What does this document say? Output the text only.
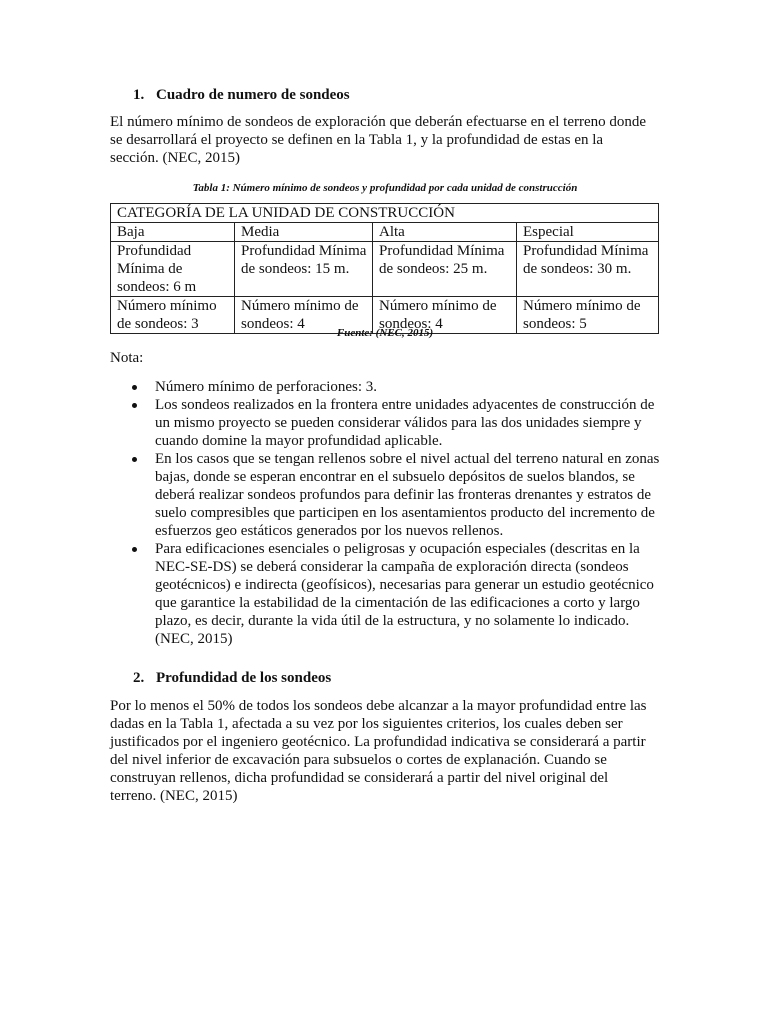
1. Cuadro de numero de sondeos
El número mínimo de sondeos de exploración que deberán efectuarse en el terreno donde se desarrollará el proyecto se definen en la Tabla 1, y la profundidad de estas en la sección. (NEC, 2015)
Tabla 1: Número mínimo de sondeos y profundidad por cada unidad de construcción
CATEGORÍA DE LA UNIDAD DE CONSTRUCCIÓN			
Baja	Media	Alta	Especial
Profundidad Mínima de sondeos: 6 m	Profundidad Mínima de sondeos: 15 m.	Profundidad Mínima de sondeos: 25 m.	Profundidad Mínima de sondeos: 30 m.
Número mínimo de sondeos: 3	Número mínimo de sondeos: 4	Número mínimo de sondeos: 4	Número mínimo de sondeos: 5
Fuente: (NEC, 2015)
Nota:
Número mínimo de perforaciones: 3.
Los sondeos realizados en la frontera entre unidades adyacentes de construcción de un mismo proyecto se pueden considerar válidos para las dos unidades siempre y cuando domine la mayor profundidad aplicable.
En los casos que se tengan rellenos sobre el nivel actual del terreno natural en zonas bajas, donde se esperan encontrar en el subsuelo depósitos de suelos blandos, se deberá realizar sondeos profundos para definir las fronteras drenantes y estratos de suelo compresibles que participen en los asentamientos producto del incremento de esfuerzos geo estáticos generados por los nuevos rellenos.
Para edificaciones esenciales o peligrosas y ocupación especiales (descritas en la NEC-SE-DS) se deberá considerar la campaña de exploración directa (sondeos geotécnicos) e indirecta (geofísicos), necesarias para generar un estudio geotécnico que garantice la estabilidad de la cimentación de las edificaciones a corto y largo plazo, es decir, durante la vida útil de la estructura, y no solamente lo indicado. (NEC, 2015)
2. Profundidad de los sondeos
Por lo menos el 50% de todos los sondeos debe alcanzar a la mayor profundidad entre las dadas en la Tabla 1, afectada a su vez por los siguientes criterios, los cuales deben ser justificados por el ingeniero geotécnico. La profundidad indicativa se considerará a partir del nivel inferior de excavación para subsuelos o cortes de explanación. Cuando se construyan rellenos, dicha profundidad se considerará a partir del nivel original del terreno. (NEC, 2015)
